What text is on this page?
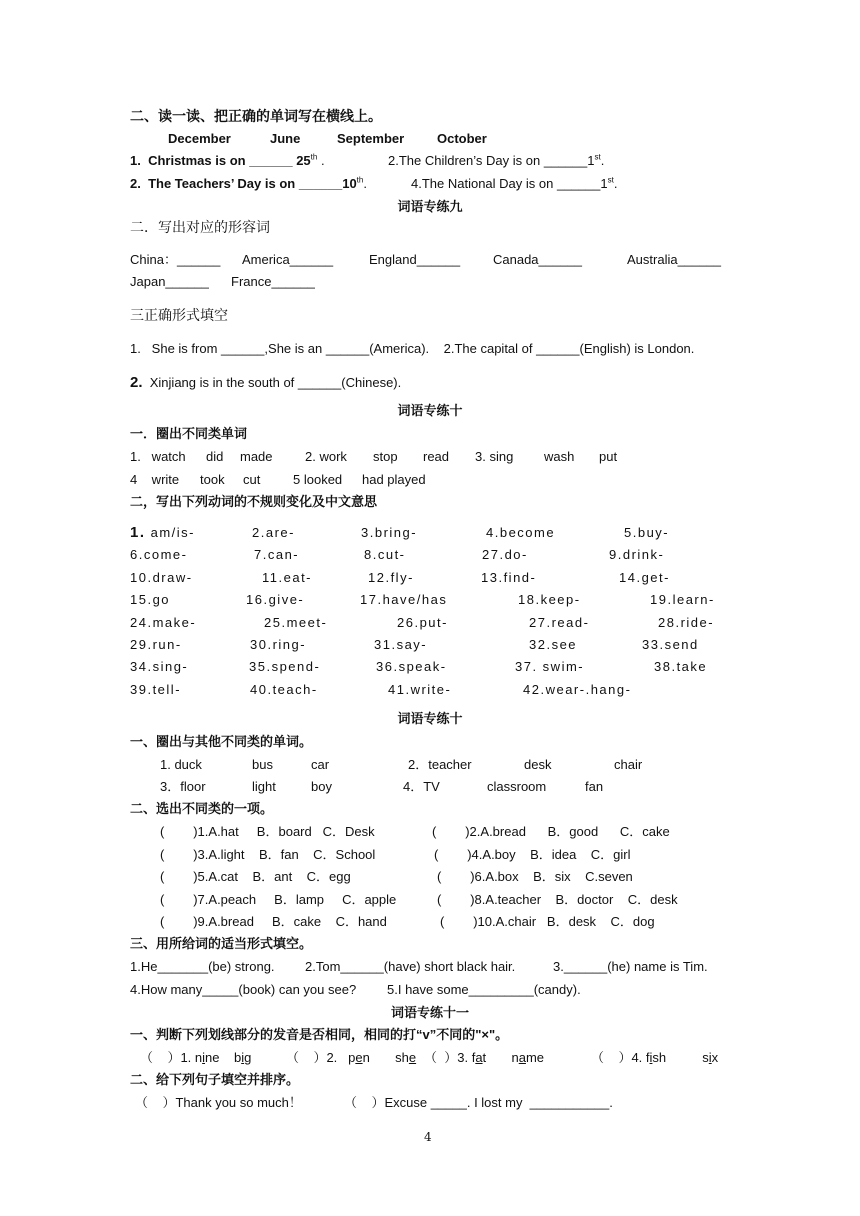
二、读一读、把正确的单词写在横线上。
December	June	September	October
1.  Christmas is on ______ 25th .	2.The Children’s Day is on ______1st.
2.  The Teachers’ Day is on ______10th.	4.The National Day is on ______1st.
词语专练九
二．写出对应的形容词
China：______ America______	England______	Canada______	Australia______
Japan______ France______
三正确形式填空
1.   She is from ______,She is an ______(America).    2.The capital of ______(English) is London.
2. Xinjiang is in the south of ______(Chinese).
词语专练十
一．圈出不同类单词
1.   watch did made 2. work stop read 3. sing wash put
4    write took cut	5 looked had played
二，写出下列动词的不规则变化及中文意思
1. am/is-	2.are-	3.bring-	4.become	5.buy-
6.come-	7.can-	8.cut-	27.do-	9.drink-
10.draw-	11.eat-	12.fly-	13.find-	14.get-
15.go	16.give-	17.have/has	18.keep-	19.learn-
24.make-	25.meet-	26.put-	27.read-	28.ride-
29.run-	30.ring-	31.say-	32.see	33.send
34.sing-	35.spend-	36.speak-	37. swim-	38.take
39.tell-	40.teach-	41.write-	42.wear-.hang-
词语专练十
一、圈出与其他不同类的单词。
1. duck	bus	car	2．teacher	desk	chair
3．floor	light	boy	4．TV	classroom	fan
二、选出不同类的一项。
(        )1.A.hat     B．board   C．Desk	(        )2.A.bread      B．good      C．cake
(        )3.A.light    B．fan    C．School	(        )4.A.boy    B．idea    C．girl
(        )5.A.cat    B．ant    C．egg	(        )6.A.box    B．six    C.seven
(        )7.A.peach     B．lamp     C．apple	(        )8.A.teacher    B．doctor    C．desk
(        )9.A.bread     B．cake    C．hand	(        )10.A.chair   B．desk    C．dog
三、用所给词的适当形式填空。
1.He_______(be) strong. 2.Tom______(have) short black hair.	3.______(he) name is Tim.
4.How many_____(book) can you see? 5.I have some_________(candy).
词语专练十一
一、判断下列划线部分的发音是否相同，相同的打“v”不同的"×"。
（    ）1. nine big	（    ）2.   pen she （  ）3. fat name	（    ）4. fish	six
二、给下列句子填空并排序。
（    ）Thank you so much！	（    ）Excuse _____. I lost my  ___________.
4
